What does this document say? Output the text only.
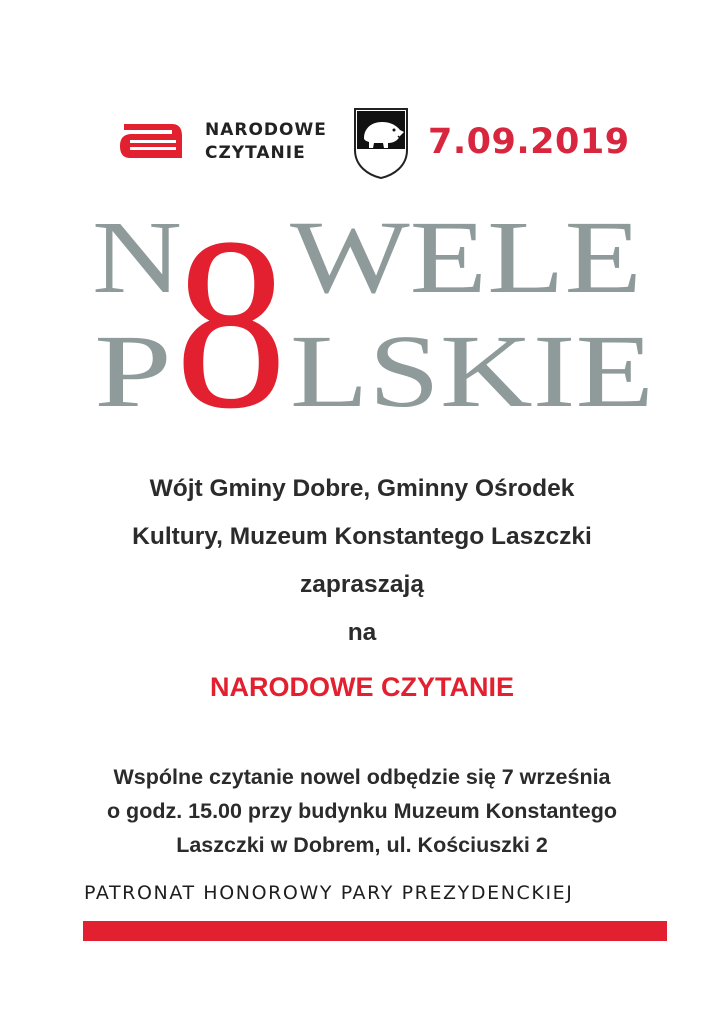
NARODOWE
CZYTANIE	7.09.2019
N WELE
P LSKIE
8
Wójt Gminy Dobre, Gminny Ośrodek
Kultury, Muzeum Konstantego Laszczki
zapraszają
na
NARODOWE CZYTANIE
Wspólne czytanie nowel odbędzie się 7 września
o godz. 15.00 przy budynku Muzeum Konstantego
Laszczki w Dobrem, ul. Kościuszki 2
PATRONAT HONOROWY PARY PREZYDENCKIEJ
